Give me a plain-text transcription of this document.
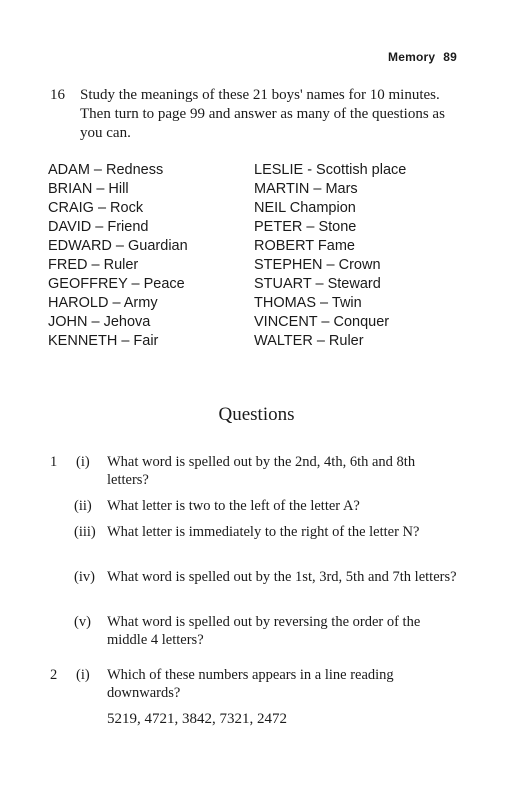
Memory 89
16 Study the meanings of these 21 boys' names for 10 minutes. Then turn to page 99 and answer as many of the questions as you can.
ADAM – Redness
BRIAN – Hill
CRAIG – Rock
DAVID – Friend
EDWARD – Guardian
FRED – Ruler
GEOFFREY – Peace
HAROLD – Army
JOHN – Jehova
KENNETH – Fair
LESLIE - Scottish place
MARTIN – Mars
NEIL Champion
PETER – Stone
ROBERT Fame
STEPHEN – Crown
STUART – Steward
THOMAS – Twin
VINCENT – Conquer
WALTER – Ruler
Questions
1 (i)	What word is spelled out by the 2nd, 4th, 6th and 8th letters?
(ii)	What letter is two to the left of the letter A?
(iii) What letter is immediately to the right of the letter N?
(iv) What word is spelled out by the 1st, 3rd, 5th and 7th letters?
(v)	What word is spelled out by reversing the order of the middle 4 letters?
2 (i)	Which of these numbers appears in a line reading downwards?
5219, 4721, 3842, 7321, 2472
